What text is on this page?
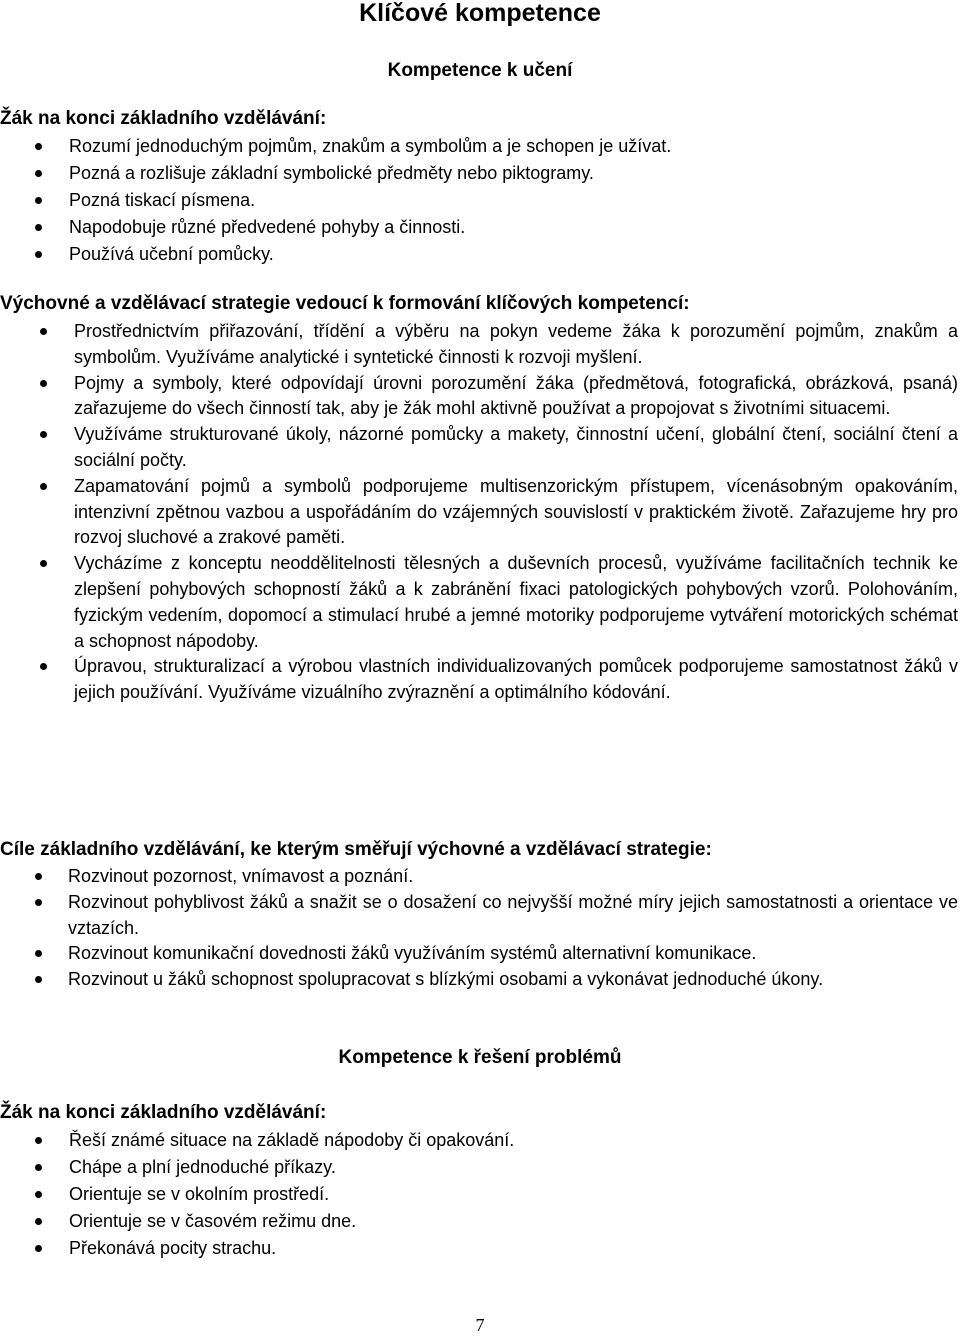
Klíčové kompetence
Kompetence k učení
Žák na konci základního vzdělávání:
Rozumí jednoduchým pojmům, znakům a symbolům a je schopen je užívat.
Pozná a rozlišuje základní symbolické předměty nebo piktogramy.
Pozná tiskací písmena.
Napodobuje různé předvedené pohyby a činnosti.
Používá učební pomůcky.
Výchovné a vzdělávací strategie vedoucí k formování klíčových kompetencí:
Prostřednictvím přiřazování, třídění a výběru na pokyn vedeme žáka k porozumění pojmům, znakům a symbolům. Využíváme analytické i syntetické činnosti k rozvoji myšlení.
Pojmy a symboly, které odpovídají úrovni porozumění žáka (předmětová, fotografická, obrázková, psaná) zařazujeme do všech činností tak, aby je žák mohl aktivně používat a propojovat s životními situacemi.
Využíváme strukturované úkoly, názorné pomůcky a makety, činnostní učení, globální čtení, sociální čtení a sociální počty.
Zapamatování pojmů a symbolů podporujeme multisenzorickým přístupem, vícenásobným opakováním, intenzivní zpětnou vazbou a uspořádáním do vzájemných souvislostí v praktickém životě. Zařazujeme hry pro rozvoj sluchové a zrakové paměti.
Vycházíme z konceptu neoddělitelnosti tělesných a duševních procesů, využíváme facilitačních technik ke zlepšení pohybových schopností žáků a k zabránění fixaci patologických pohybových vzorů. Polohováním, fyzickým vedením, dopomocí a stimulací hrubé a jemné motoriky podporujeme vytváření motorických schémat a schopnost nápodoby.
Úpravou, strukturalizací a výrobou vlastních individualizovaných pomůcek podporujeme samostatnost žáků v jejich používání. Využíváme vizuálního zvýraznění a optimálního kódování.
Cíle základního vzdělávání, ke kterým směřují výchovné a vzdělávací strategie:
Rozvinout pozornost, vnímavost a poznání.
Rozvinout pohyblivost žáků a snažit se o dosažení co nejvyšší možné míry jejich samostatnosti a orientace ve vztazích.
Rozvinout komunikační dovednosti žáků využíváním systémů alternativní komunikace.
Rozvinout u žáků schopnost spolupracovat s blízkými osobami a vykonávat jednoduché úkony.
Kompetence k řešení problémů
Žák na konci základního vzdělávání:
Řeší známé situace na základě nápodoby či opakování.
Chápe a plní jednoduché příkazy.
Orientuje se v okolním prostředí.
Orientuje se v časovém režimu dne.
Překonává pocity strachu.
7
